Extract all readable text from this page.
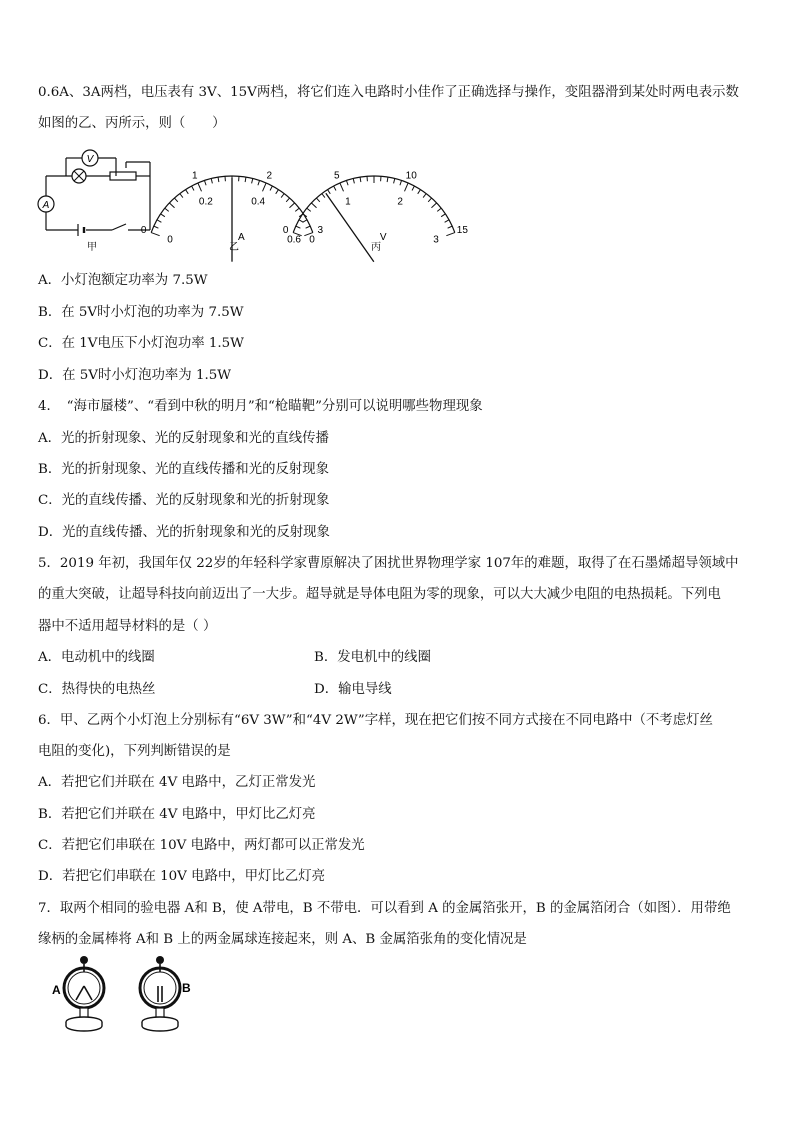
0.6A、3A两档，电压表有 3V、15V两档，将它们连入电路时小佳作了正确选择与操作，变阻器滑到某处时两电表示数
如图的乙、丙所示，则（　　）
V
A
甲
0
1	2
3
0
0.2	0.4
0.6
A
乙
0
5	10
15
0
1	2
3
V
丙
A．小灯泡额定功率为 7.5W
B．在 5V时小灯泡的功率为 7.5W
C．在 1V电压下小灯泡功率 1.5W
D．在 5V时小灯泡功率为 1.5W
4．　“海市蜃楼”、“看到中秋的明月”和“枪瞄靶”分别可以说明哪些物理现象
A．光的折射现象、光的反射现象和光的直线传播
B．光的折射现象、光的直线传播和光的反射现象
C．光的直线传播、光的反射现象和光的折射现象
D．光的直线传播、光的折射现象和光的反射现象
5．2019 年初，我国年仅 22岁的年轻科学家曹原解决了困扰世界物理学家 107年的难题，取得了在石墨烯超导领域中
的重大突破，让超导科技向前迈出了一大步。超导就是导体电阻为零的现象，可以大大减少电阻的电热损耗。下列电
器中不适用超导材料的是（ ）
A．电动机中的线圈	B．发电机中的线圈
C．热得快的电热丝	D．输电导线
6．甲、乙两个小灯泡上分别标有“6V 3W”和“4V 2W”字样，现在把它们按不同方式接在不同电路中（不考虑灯丝
电阻的变化)，下列判断错误的是
A．若把它们并联在 4V 电路中，乙灯正常发光
B．若把它们并联在 4V 电路中，甲灯比乙灯亮
C．若把它们串联在 10V 电路中，两灯都可以正常发光
D．若把它们串联在 10V 电路中，甲灯比乙灯亮
7．取两个相同的验电器 A和 B，使 A带电，B 不带电．可以看到 A 的金属箔张开，B 的金属箔闭合（如图）．用带绝
缘柄的金属棒将 A和 B 上的两金属球连接起来，则 A、B 金属箔张角的变化情况是
A	B
